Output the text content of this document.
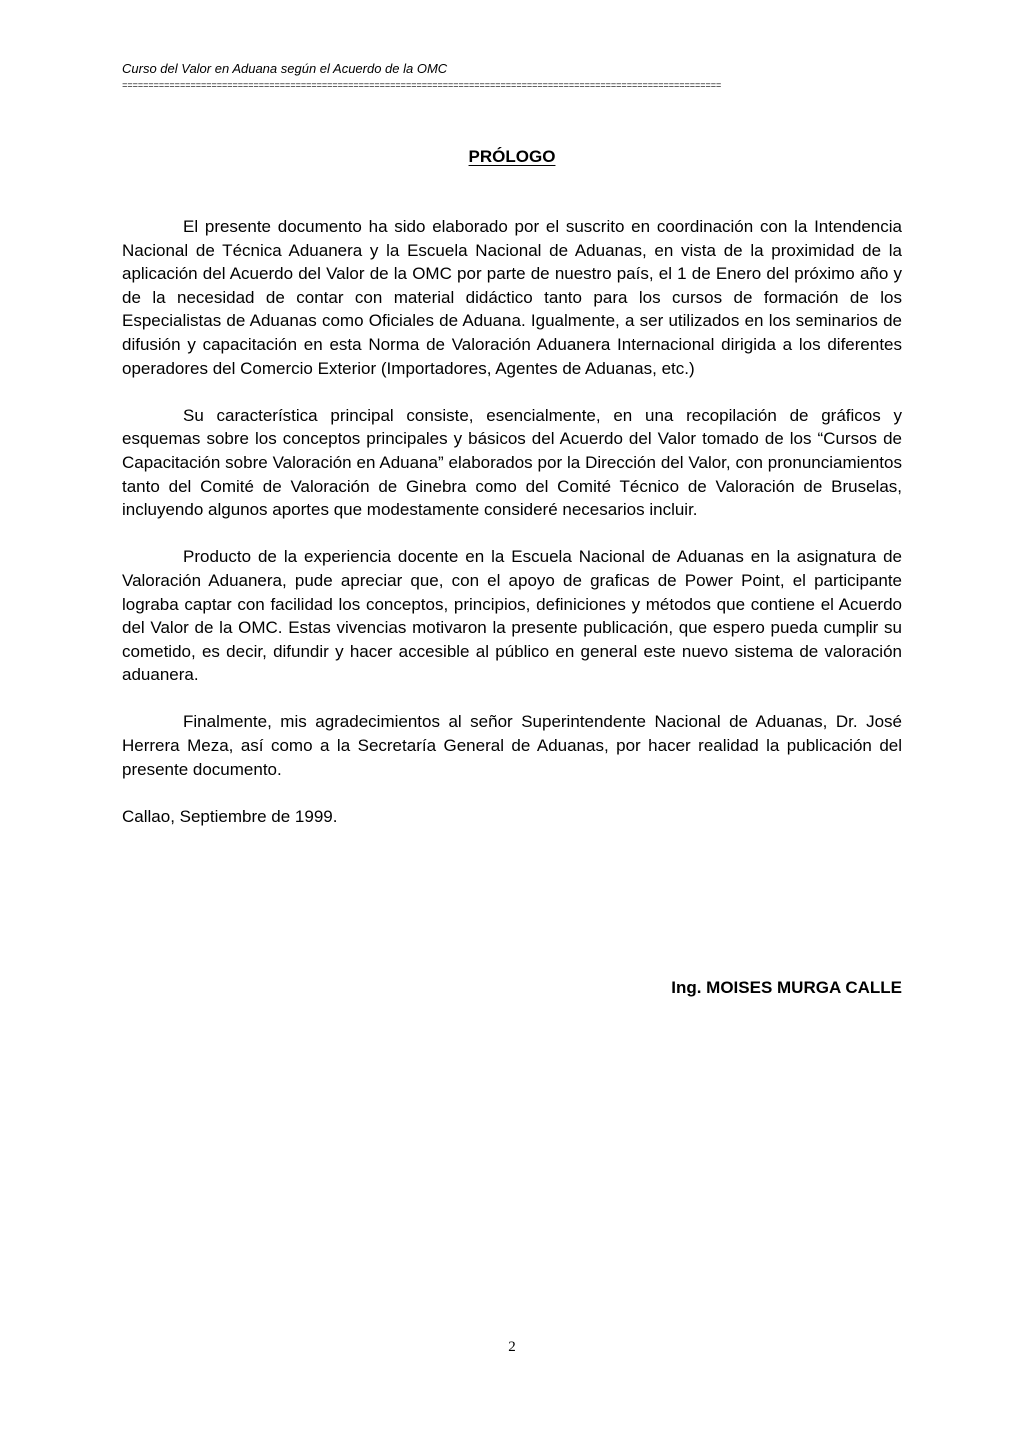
Curso del Valor en Aduana según el Acuerdo de la OMC
==================================================================================================================
PRÓLOGO

El presente documento ha sido elaborado por el suscrito en coordinación con la Intendencia Nacional de Técnica Aduanera y la Escuela Nacional de Aduanas, en vista de la proximidad de la aplicación del Acuerdo del Valor de la OMC por parte de nuestro país, el 1 de Enero del próximo año y de la necesidad de contar con material didáctico tanto para los cursos de formación de los Especialistas de Aduanas como Oficiales de Aduana. Igualmente, a ser utilizados en los seminarios de difusión y capacitación en esta Norma de Valoración Aduanera Internacional dirigida a los diferentes operadores del Comercio Exterior (Importadores, Agentes de Aduanas, etc.)

Su característica principal consiste, esencialmente, en una recopilación de gráficos y esquemas sobre los conceptos principales y básicos del Acuerdo del Valor tomado de los “Cursos de Capacitación sobre Valoración en Aduana” elaborados por la Dirección del Valor, con pronunciamientos tanto del Comité de Valoración de Ginebra como del Comité Técnico de Valoración de Bruselas, incluyendo algunos aportes que modestamente consideré necesarios incluir.

Producto de la experiencia docente en la Escuela Nacional de Aduanas en la asignatura de Valoración Aduanera, pude apreciar que, con el apoyo de graficas de Power Point, el participante lograba captar con facilidad los conceptos, principios, definiciones y métodos que contiene el Acuerdo del Valor de la OMC. Estas vivencias motivaron la presente publicación, que espero pueda cumplir su cometido, es decir, difundir y hacer accesible al público en general este nuevo sistema de valoración aduanera.

Finalmente, mis agradecimientos al señor Superintendente Nacional de Aduanas, Dr. José Herrera Meza, así como a la Secretaría General de Aduanas, por hacer realidad la publicación del presente documento.

Callao, Septiembre de 1999.

Ing. MOISES MURGA CALLE
2
